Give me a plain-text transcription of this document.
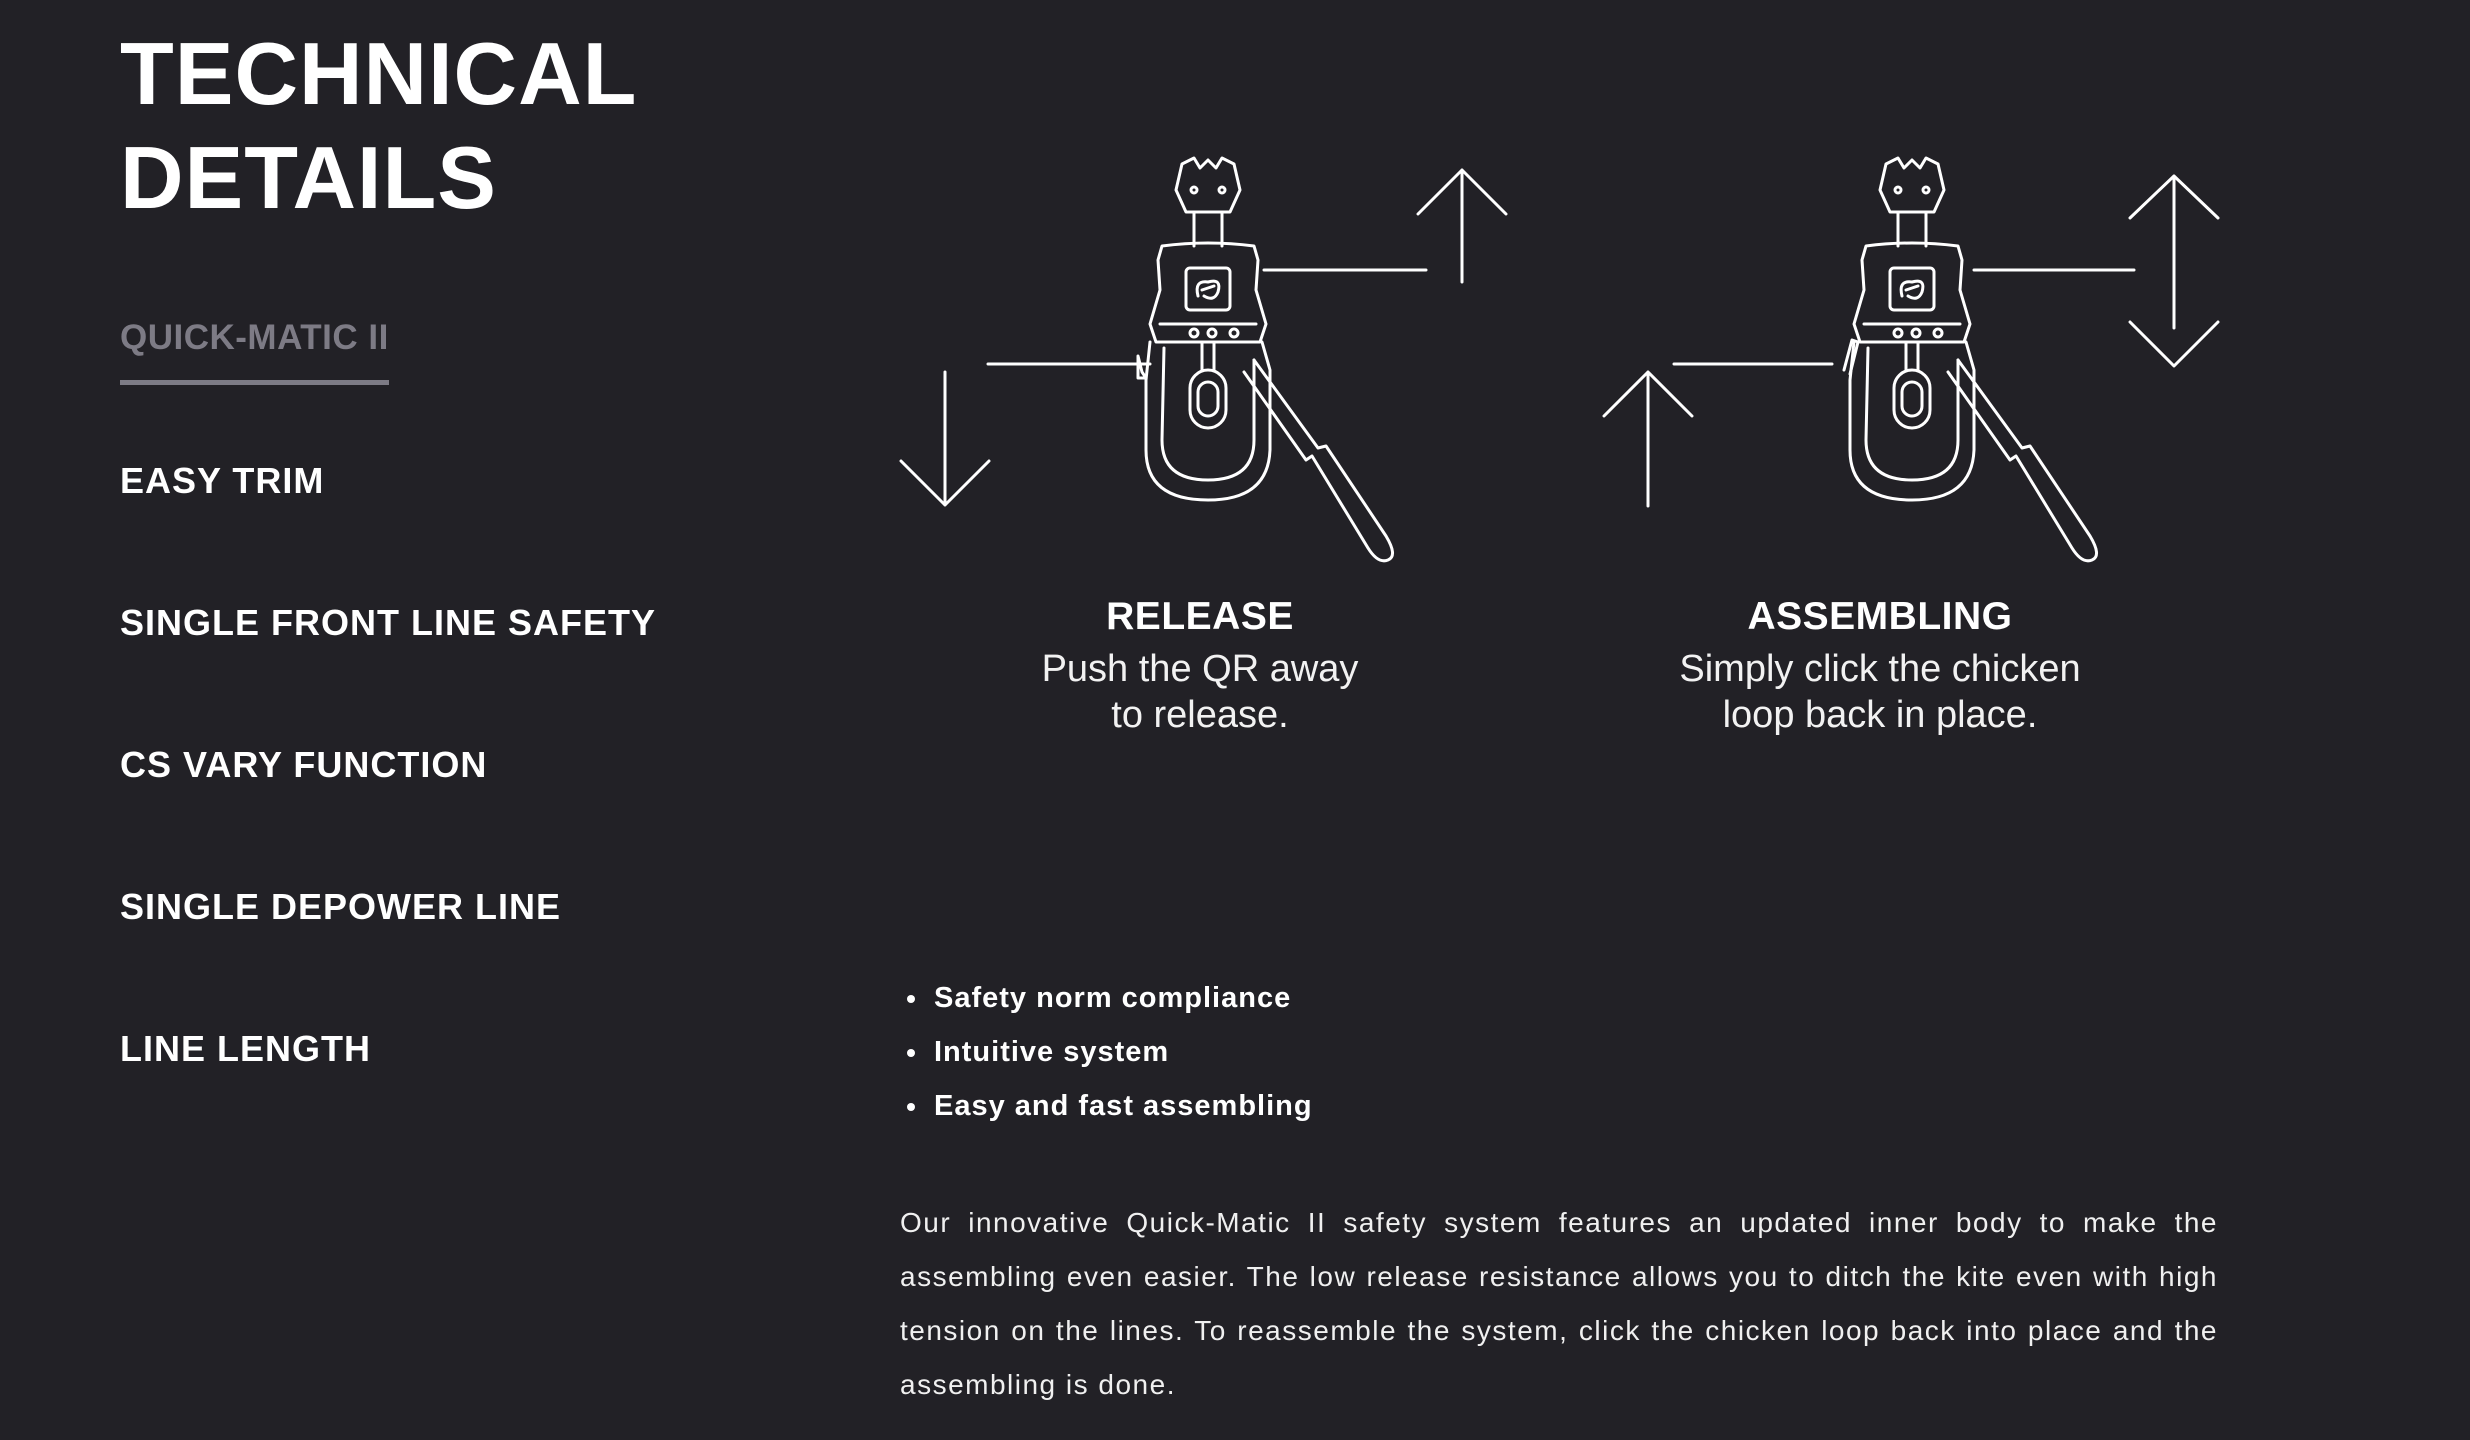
TECHNICAL DETAILS
QUICK-MATIC II
EASY TRIM
SINGLE FRONT LINE SAFETY
CS VARY FUNCTION
SINGLE DEPOWER LINE
LINE LENGTH
RELEASE

Push the QR away
to release.

ASSEMBLING

Simply click the chicken
loop back in place.

• Safety norm compliance
• Intuitive system
• Easy and fast assembling

Our innovative Quick-Matic II safety system features an updated inner body to make the assembling even easier. The low release resistance allows you to ditch the kite even with high tension on the lines. To reassemble the system, click the chicken loop back into place and the assembling is done.
